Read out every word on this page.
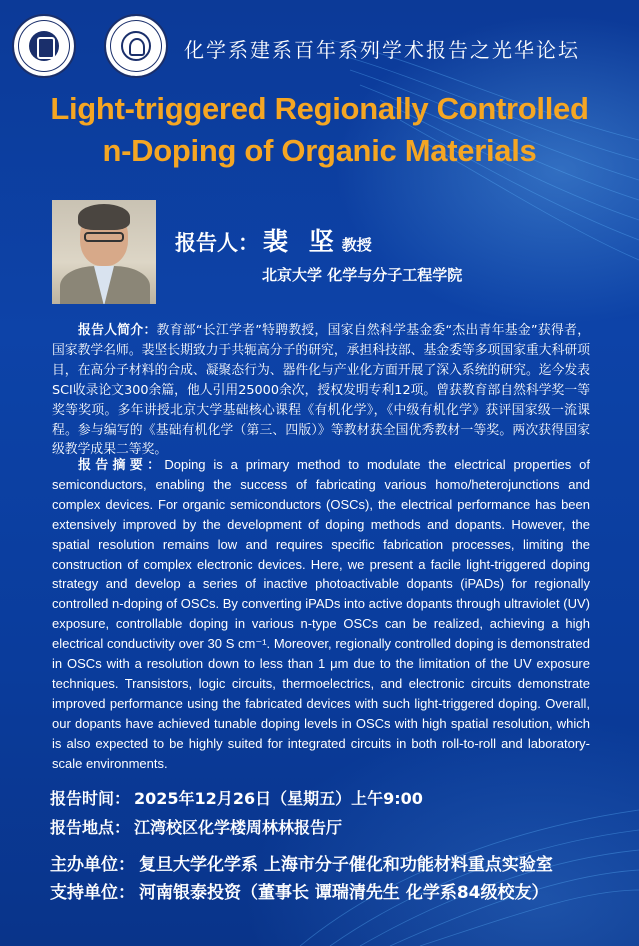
化学系建系百年系列学术报告之光华论坛
Light-triggered Regionally Controlled
n-Doping of Organic Materials
报告人： 裴 坚 教授
北京大学 化学与分子工程学院
报告人简介：教育部“长江学者”特聘教授，国家自然科学基金委“杰出青年基金”获得者，国家教学名师。裴坚长期致力于共轭高分子的研究，承担科技部、基金委等多项国家重大科研项目，在高分子材料的合成、凝聚态行为、器件化与产业化方面开展了深入系统的研究。迄今发表SCI收录论文300余篇，他人引用25000余次，授权发明专利12项。曾获教育部自然科学奖一等奖等奖项。多年讲授北京大学基础核心课程《有机化学》，《中级有机化学》获评国家级一流课程。参与编写的《基础有机化学（第三、四版）》等教材获全国优秀教材一等奖。两次获得国家级教学成果二等奖。
报告摘要：Doping is a primary method to modulate the electrical properties of semiconductors, enabling the success of fabricating various homo/heterojunctions and complex devices. For organic semiconductors (OSCs), the electrical performance has been extensively improved by the development of doping methods and dopants. However, the spatial resolution remains low and requires specific fabrication processes, limiting the construction of complex electronic devices. Here, we present a facile light-triggered doping strategy and develop a series of inactive photoactivable dopants (iPADs) for regionally controlled n-doping of OSCs. By converting iPADs into active dopants through ultraviolet (UV) exposure, controllable doping in various n-type OSCs can be realized, achieving a high electrical conductivity over 30 S cm⁻¹. Moreover, regionally controlled doping is demonstrated in OSCs with a resolution down to less than 1 μm due to the limitation of the UV exposure techniques. Transistors, logic circuits, thermoelectrics, and electronic circuits demonstrate improved performance using the fabricated devices with such light-triggered doping. Overall, our dopants have achieved tunable doping levels in OSCs with high spatial resolution, which is also expected to be highly suited for integrated circuits in both roll-to-roll and laboratory-scale environments.
报告时间： 2025年12月26日（星期五）上午9:00
报告地点： 江湾校区化学楼周林林报告厅
主办单位： 复旦大学化学系 上海市分子催化和功能材料重点实验室
支持单位： 河南银泰投资（董事长 谭瑞清先生 化学系84级校友）
